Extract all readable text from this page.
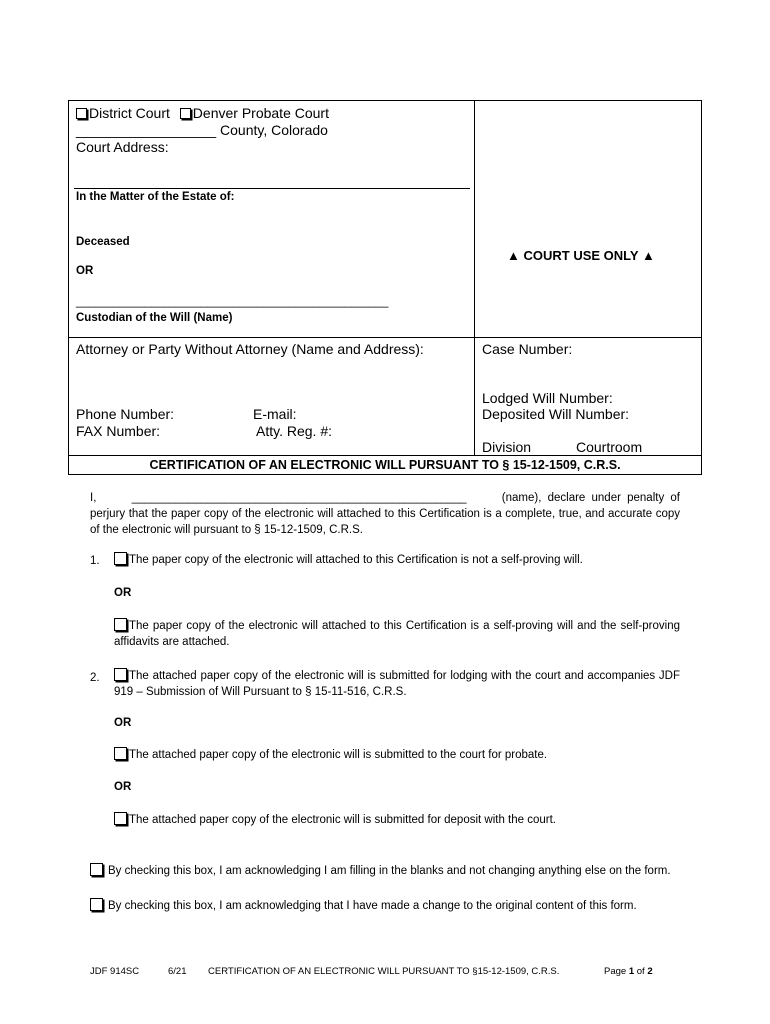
District Court Denver Probate Court
__________________ County, Colorado
Court Address:
In the Matter of the Estate of:
Deceased
OR
__________________________________________________
Custodian of the Will (Name)
▲ COURT USE ONLY ▲
Attorney or Party Without Attorney (Name and Address):
Phone Number:	E-mail:
FAX Number:	Atty. Reg. #:
Case Number:
Lodged Will Number:
Deposited Will Number:
Division	Courtroom
CERTIFICATION OF AN ELECTRONIC WILL PURSUANT TO § 15-12-1509, C.R.S.
I,	______________________________________________________	(name), declare under penalty of
perjury that the paper copy of the electronic will attached to this Certification is a complete, true, and accurate copy of the electronic will pursuant to § 15-12-1509, C.R.S.
1.	The paper copy of the electronic will attached to this Certification is not a self-proving will.
OR
The paper copy of the electronic will attached to this Certification is a self-proving will and the self-proving affidavits are attached.
2.	The attached paper copy of the electronic will is submitted for lodging with the court and accompanies JDF 919 – Submission of Will Pursuant to § 15-11-516, C.R.S.
OR
The attached paper copy of the electronic will is submitted to the court for probate.
OR
The attached paper copy of the electronic will is submitted for deposit with the court.
By checking this box, I am acknowledging I am filling in the blanks and not changing anything else on the form.
By checking this box, I am acknowledging that I have made a change to the original content of this form.
JDF 914SC	6/21 CERTIFICATION OF AN ELECTRONIC WILL PURSUANT TO §15-12-1509, C.R.S.	Page 1 of 2
